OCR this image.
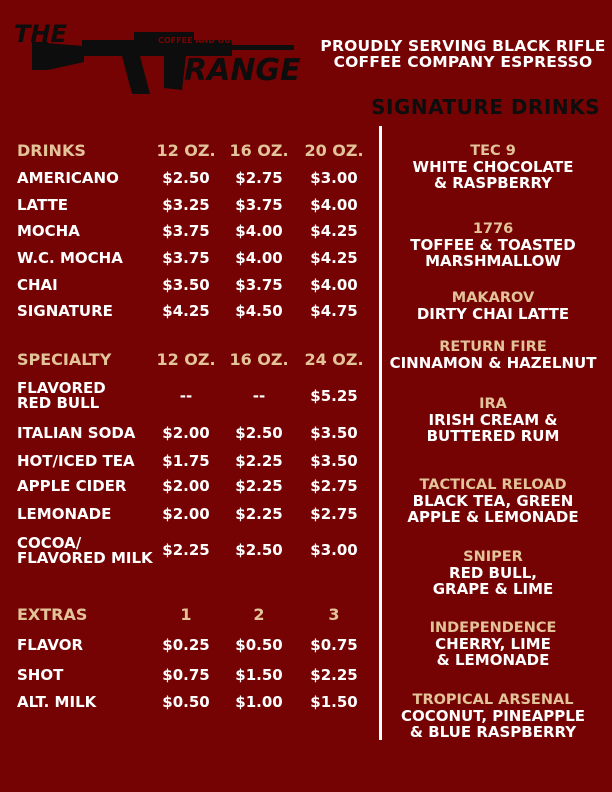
THE	COFFEE AND GUN
RANGE
PROUDLY SERVING BLACK RIFLE
COFFEE COMPANY ESPRESSO
SIGNATURE DRINKS
DRINKS	12 OZ. 16 OZ. 20 OZ.
AMERICANO	$2.50	$2.75	$3.00
LATTE	$3.25	$3.75	$4.00
MOCHA	$3.75	$4.00	$4.25
W.C. MOCHA	$3.75	$4.00	$4.25
CHAI	$3.50	$3.75	$4.00
SIGNATURE	$4.25	$4.50	$4.75
SPECIALTY	12 OZ. 16 OZ. 24 OZ.
FLAVORED
RED BULL	--	--	$5.25
ITALIAN SODA	$2.00	$2.50	$3.50
HOT/ICED TEA	$1.75	$2.25	$3.50
APPLE CIDER	$2.00	$2.25	$2.75
LEMONADE	$2.00	$2.25	$2.75
COCOA/
FLAVORED MILK $2.25	$2.50	$3.00
EXTRAS	1	2	3
FLAVOR	$0.25	$0.50	$0.75
SHOT	$0.75	$1.50	$2.25
ALT. MILK	$0.50	$1.00	$1.50
TEC 9
WHITE CHOCOLATE
& RASPBERRY
1776
TOFFEE & TOASTED
MARSHMALLOW
MAKAROV
DIRTY CHAI LATTE
RETURN FIRE
CINNAMON & HAZELNUT
IRA
IRISH CREAM &
BUTTERED RUM
TACTICAL RELOAD
BLACK TEA, GREEN
APPLE & LEMONADE
SNIPER
RED BULL,
GRAPE & LIME
INDEPENDENCE
CHERRY, LIME
& LEMONADE
TROPICAL ARSENAL
COCONUT, PINEAPPLE
& BLUE RASPBERRY
